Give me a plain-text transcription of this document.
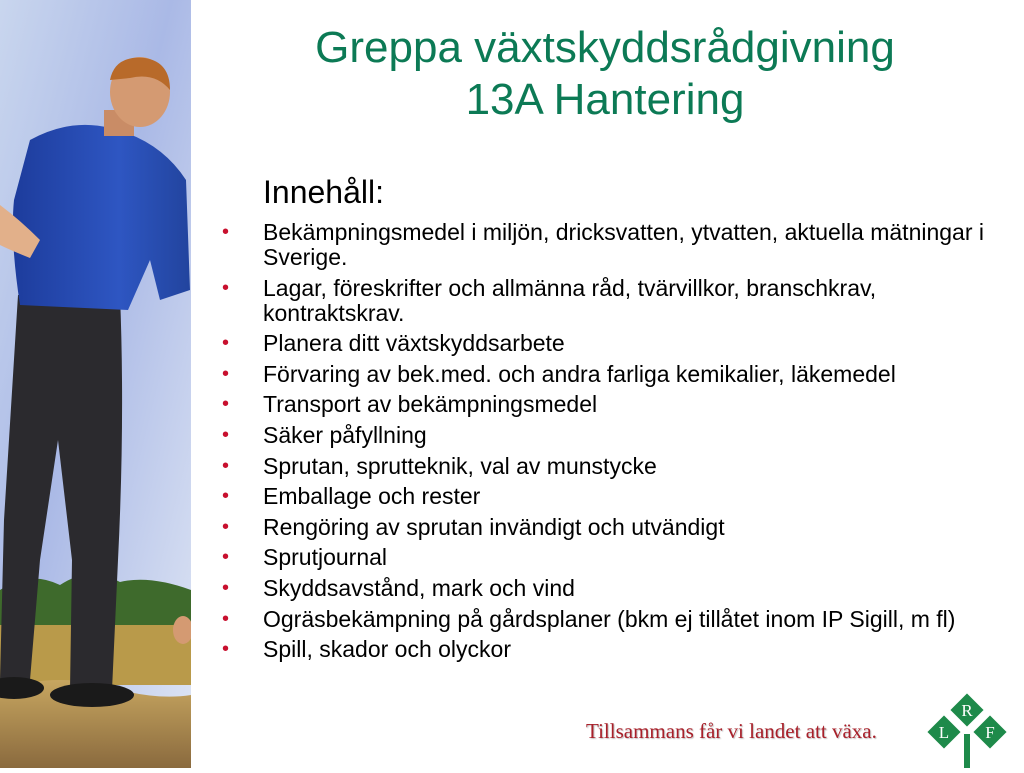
Greppa växtskyddsrådgivning
13A Hantering
Innehåll:
• Bekämpningsmedel i miljön, dricksvatten, ytvatten, aktuella mätningar i Sverige.
• Lagar, föreskrifter och allmänna råd, tvärvillkor, branschkrav, kontraktskrav.
• Planera ditt växtskyddsarbete
• Förvaring av bek.med. och andra farliga kemikalier, läkemedel
• Transport av bekämpningsmedel
• Säker påfyllning
• Sprutan, sprutteknik, val av munstycke
• Emballage och rester
• Rengöring av sprutan invändigt och utvändigt
• Sprutjournal
• Skyddsavstånd, mark och vind
• Ogräsbekämpning på gårdsplaner (bkm ej tillåtet inom IP Sigill, m fl)
• Spill, skador och olyckor
Tillsammans får vi landet att växa.
R
L F
